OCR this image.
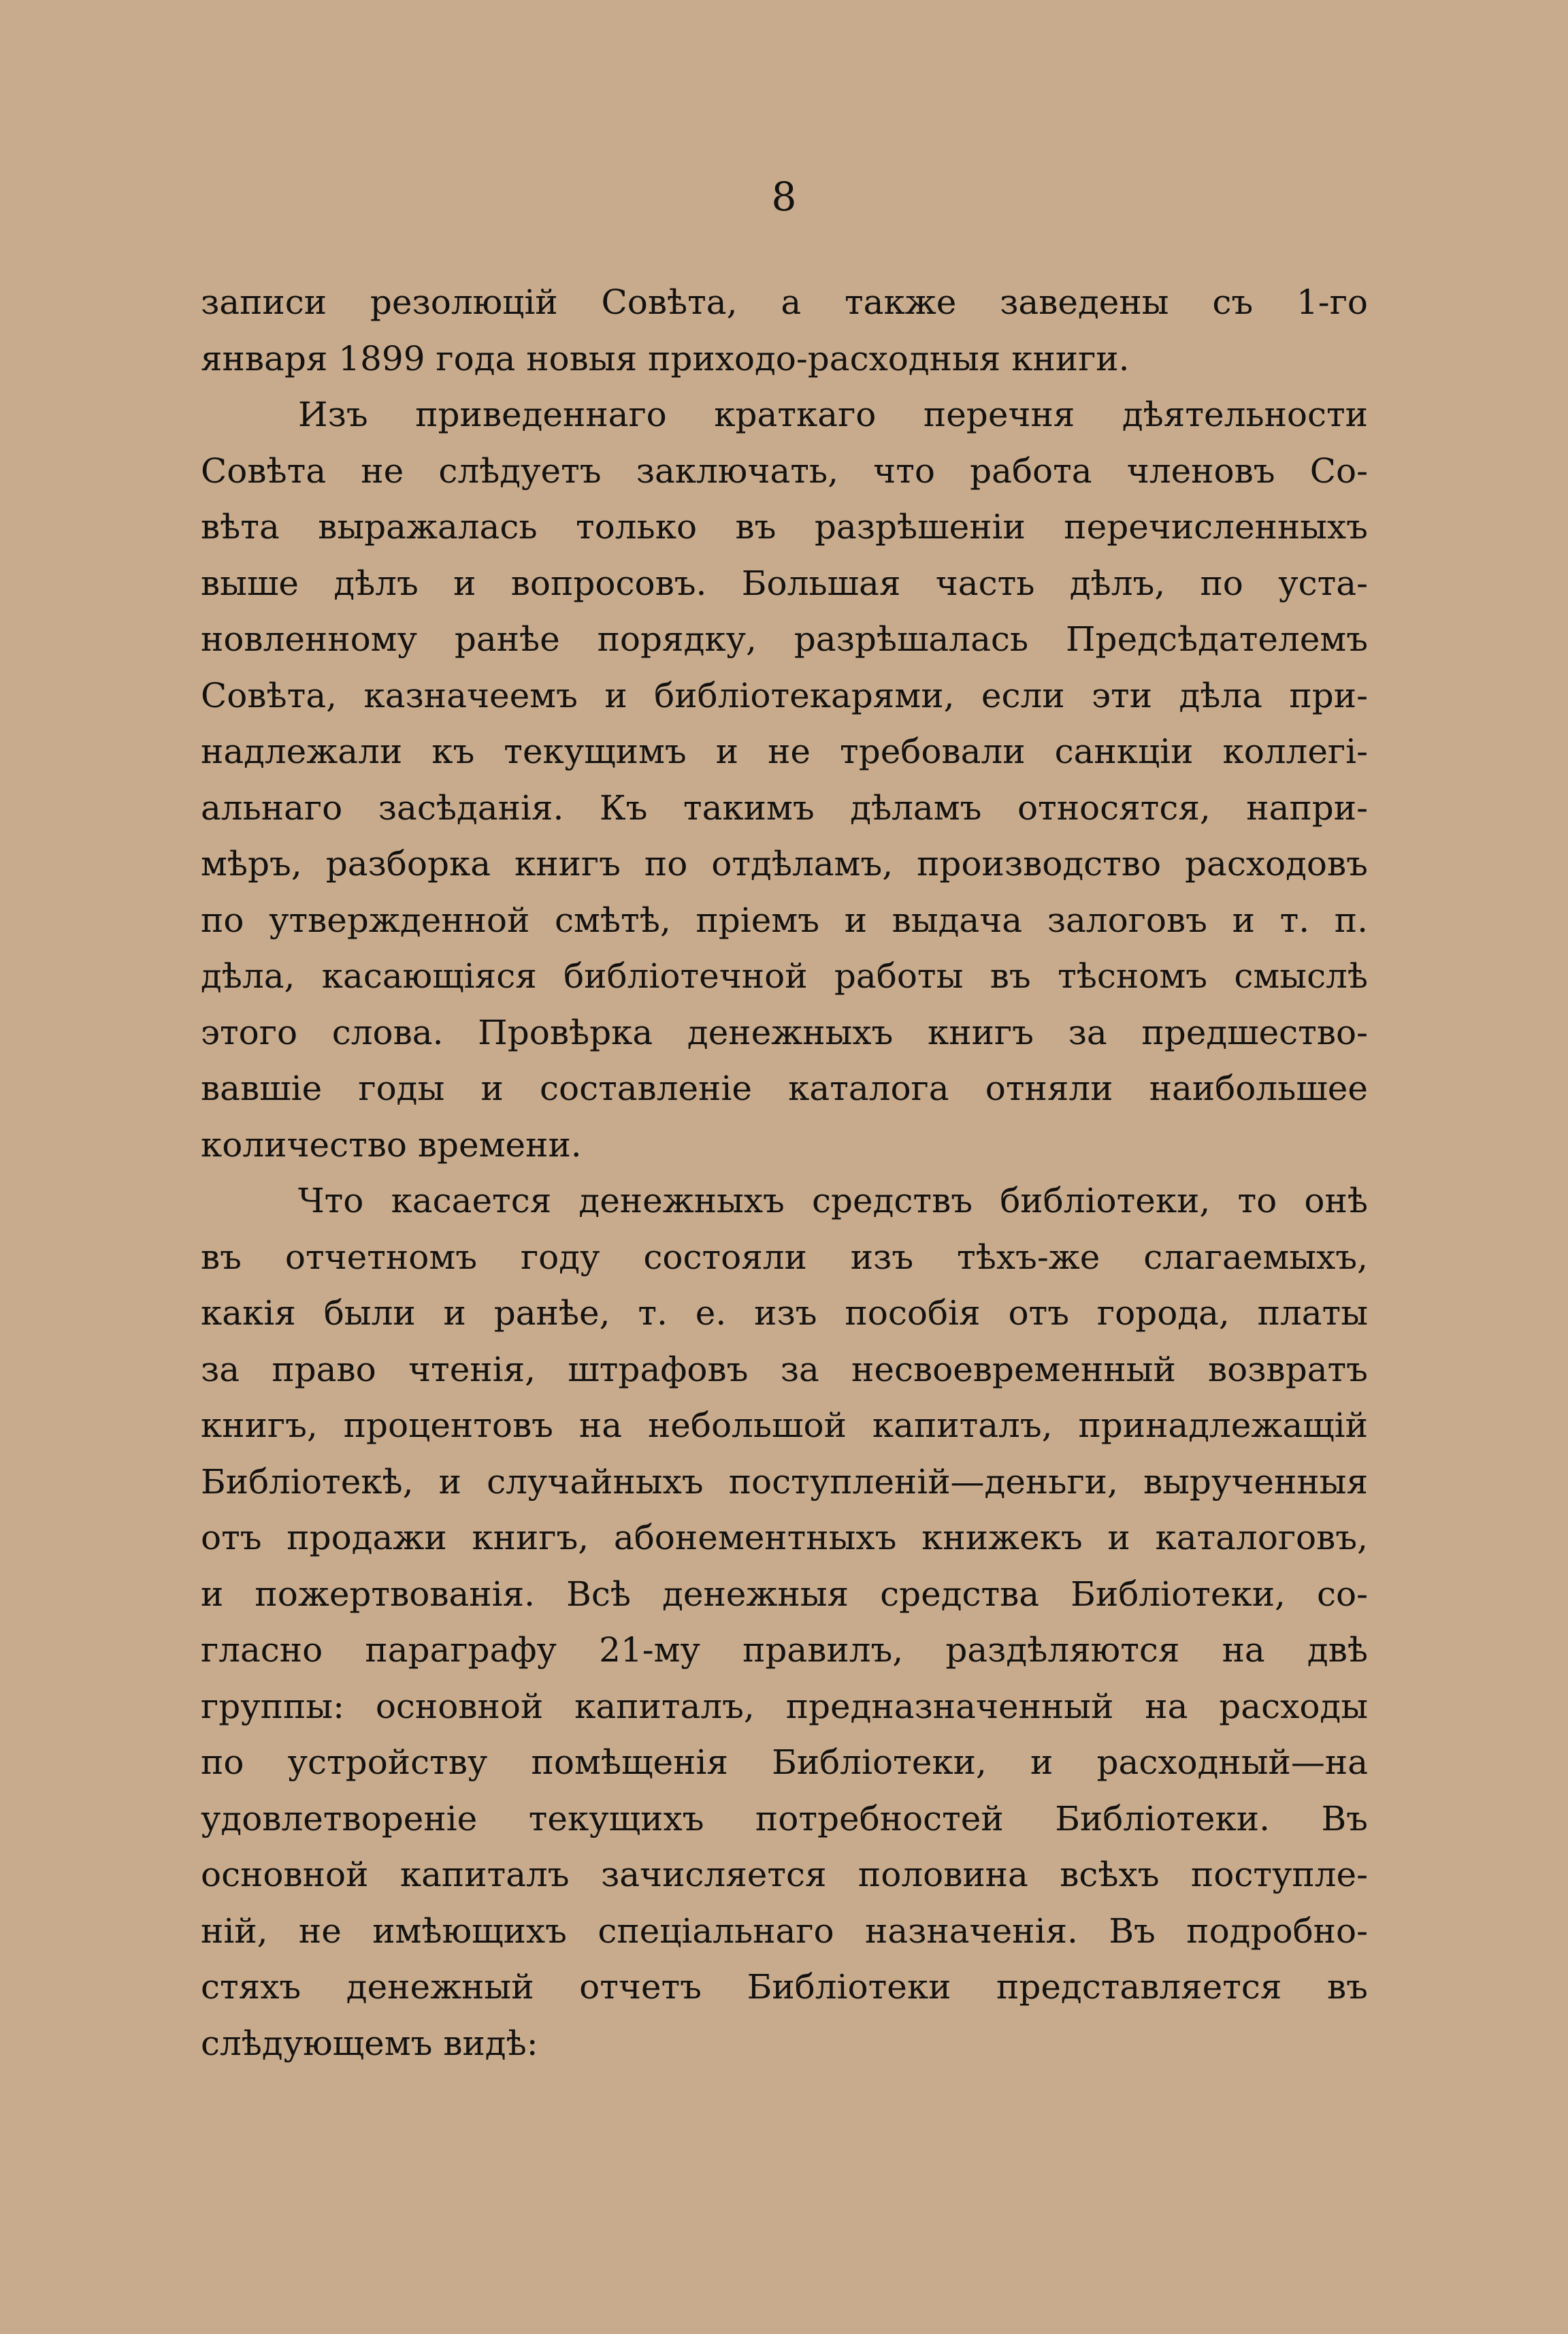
8
записи резолюцій Совѣта, а также заведены съ 1-го
января 1899 года новыя приходо-расходныя книги.
Изъ приведеннаго краткаго перечня дѣятельности
Совѣта не слѣдуетъ заключать, что работа членовъ Со-
вѣта выражалась только въ разрѣшеніи перечисленныхъ
выше дѣлъ и вопросовъ. Большая часть дѣлъ, по уста-
новленному ранѣе порядку, разрѣшалась Предсѣдателемъ
Совѣта, казначеемъ и библіотекарями, если эти дѣла при-
надлежали къ текущимъ и не требовали санкціи коллегі-
альнаго засѣданія. Къ такимъ дѣламъ относятся, напри-
мѣръ, разборка книгъ по отдѣламъ, производство расходовъ
по утвержденной смѣтѣ, пріемъ и выдача залоговъ и т. п.
дѣла, касающіяся библіотечной работы въ тѣсномъ смыслѣ
этого слова. Провѣрка денежныхъ книгъ за предшество-
вавшіе годы и составленіе каталога отняли наибольшее
количество времени.
Что касается денежныхъ средствъ библіотеки, то онѣ
въ отчетномъ году состояли изъ тѣхъ-же слагаемыхъ,
какія были и ранѣе, т. е. изъ пособія отъ города, платы
за право чтенія, штрафовъ за несвоевременный возвратъ
книгъ, процентовъ на небольшой капиталъ, принадлежащій
Библіотекѣ, и случайныхъ поступленій—деньги, вырученныя
отъ продажи книгъ, абонементныхъ книжекъ и каталоговъ,
и пожертвованія. Всѣ денежныя средства Библіотеки, со-
гласно параграфу 21-му правилъ, раздѣляются на двѣ
группы: основной капиталъ, предназначенный на расходы
по устройству помѣщенія Библіотеки, и расходный—на
удовлетвореніе текущихъ потребностей Библіотеки. Въ
основной капиталъ зачисляется половина всѣхъ поступле-
ній, не имѣющихъ спеціальнаго назначенія. Въ подробно-
стяхъ денежный отчетъ Библіотеки представляется въ
слѣдующемъ видѣ:
